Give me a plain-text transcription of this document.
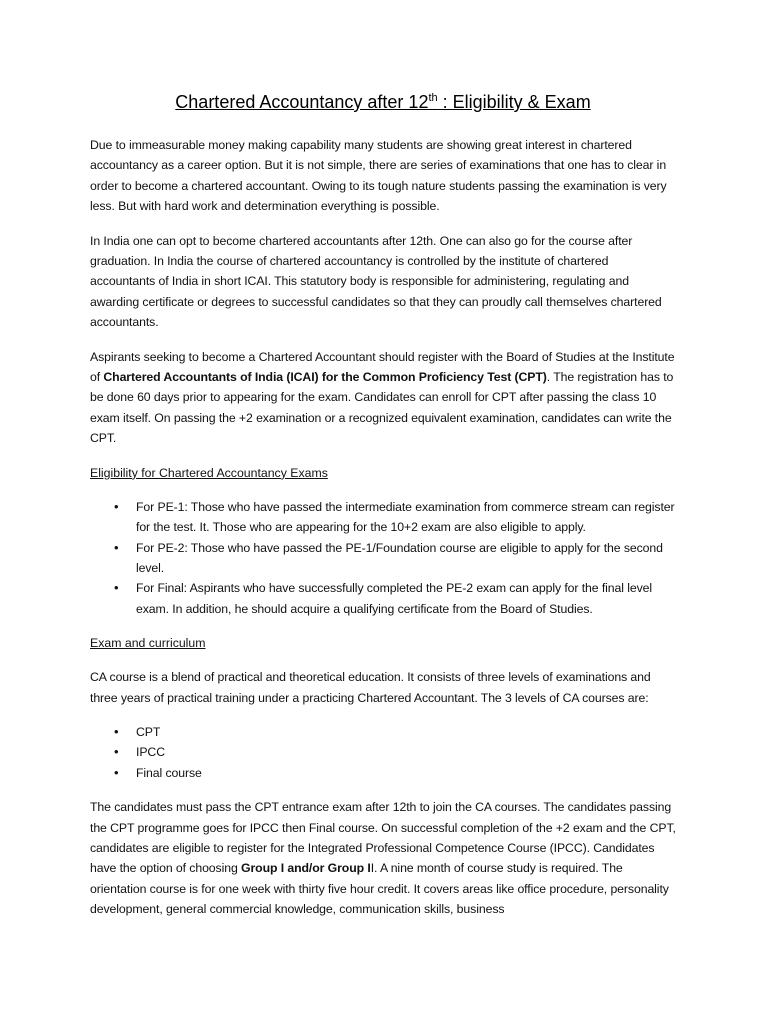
Chartered Accountancy after 12th : Eligibility & Exam

Due to immeasurable money making capability many students are showing great interest in chartered accountancy as a career option. But it is not simple, there are series of examinations that one has to clear in order to become a chartered accountant. Owing to its tough nature students passing the examination is very less. But with hard work and determination everything is possible.

In India one can opt to become chartered accountants after 12th. One can also go for the course after graduation. In India the course of chartered accountancy is controlled by the institute of chartered accountants of India in short ICAI. This statutory body is responsible for administering, regulating and awarding certificate or degrees to successful candidates so that they can proudly call themselves chartered accountants.

Aspirants seeking to become a Chartered Accountant should register with the Board of Studies at the Institute of Chartered Accountants of India (ICAI) for the Common Proficiency Test (CPT). The registration has to be done 60 days prior to appearing for the exam. Candidates can enroll for CPT after passing the class 10 exam itself. On passing the +2 examination or a recognized equivalent examination, candidates can write the CPT.

Eligibility for Chartered Accountancy Exams
• For PE-1: Those who have passed the intermediate examination from commerce stream can register for the test. It. Those who are appearing for the 10+2 exam are also eligible to apply.
• For PE-2: Those who have passed the PE-1/Foundation course are eligible to apply for the second level.
• For Final: Aspirants who have successfully completed the PE-2 exam can apply for the final level exam. In addition, he should acquire a qualifying certificate from the Board of Studies.
Exam and curriculum

CA course is a blend of practical and theoretical education. It consists of three levels of examinations and three years of practical training under a practicing Chartered Accountant. The 3 levels of CA courses are:

• CPT
• IPCC
• Final course

The candidates must pass the CPT entrance exam after 12th to join the CA courses. The candidates passing the CPT programme goes for IPCC then Final course. On successful completion of the +2 exam and the CPT, candidates are eligible to register for the Integrated Professional Competence Course (IPCC). Candidates have the option of choosing Group I and/or Group II. A nine month of course study is required. The orientation course is for one week with thirty five hour credit. It covers areas like office procedure, personality development, general commercial knowledge, communication skills, business
